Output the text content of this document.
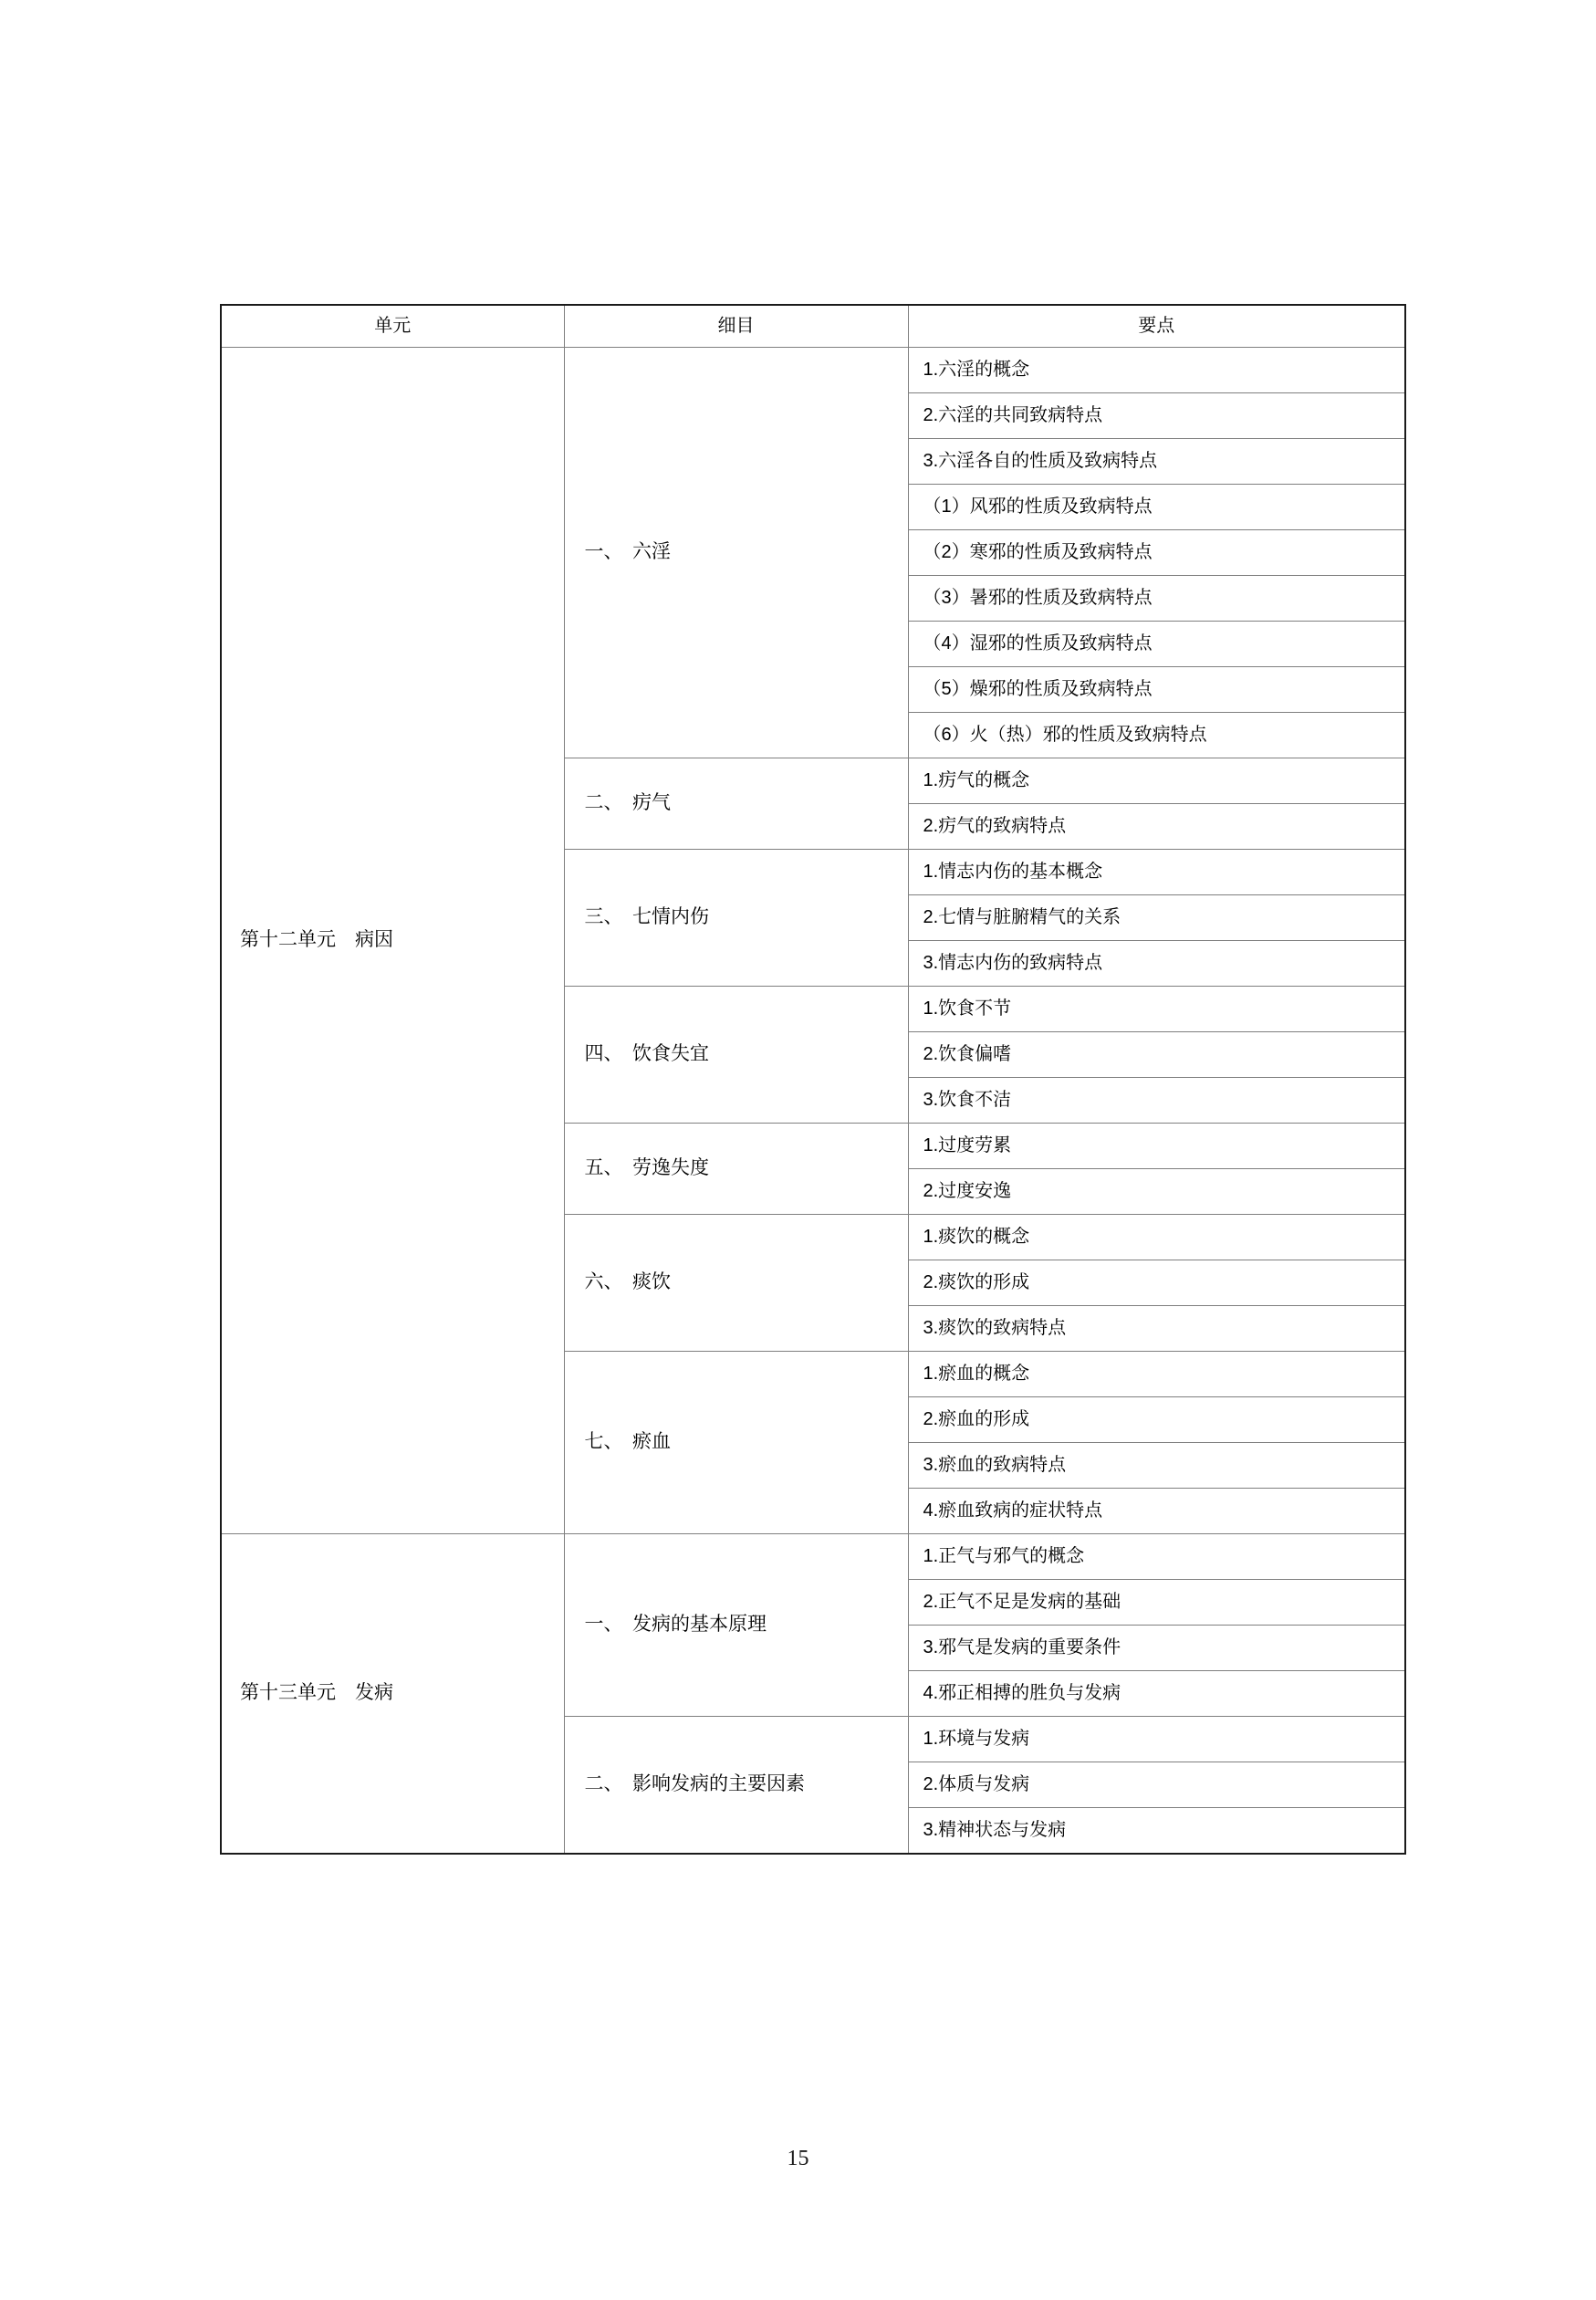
单元	细目	要点
第十二单元　病因	一、　六淫	1.六淫的概念
		2.六淫的共同致病特点
		3.六淫各自的性质及致病特点
		（1）风邪的性质及致病特点
		（2）寒邪的性质及致病特点
		（3）暑邪的性质及致病特点
		（4）湿邪的性质及致病特点
		（5）燥邪的性质及致病特点
		（6）火（热）邪的性质及致病特点
	二、　疠气	1.疠气的概念
		2.疠气的致病特点
	三、　七情内伤	1.情志内伤的基本概念
		2.七情与脏腑精气的关系
		3.情志内伤的致病特点
	四、　饮食失宜	1.饮食不节
		2.饮食偏嗜
		3.饮食不洁
	五、　劳逸失度	1.过度劳累
		2.过度安逸
	六、　痰饮	1.痰饮的概念
		2.痰饮的形成
		3.痰饮的致病特点
	七、　瘀血	1.瘀血的概念
		2.瘀血的形成
		3.瘀血的致病特点
		4.瘀血致病的症状特点
第十三单元　发病	一、　发病的基本原理	1.正气与邪气的概念
		2.正气不足是发病的基础
		3.邪气是发病的重要条件
		4.邪正相搏的胜负与发病
	二、　影响发病的主要因素	1.环境与发病
		2.体质与发病
		3.精神状态与发病
15
